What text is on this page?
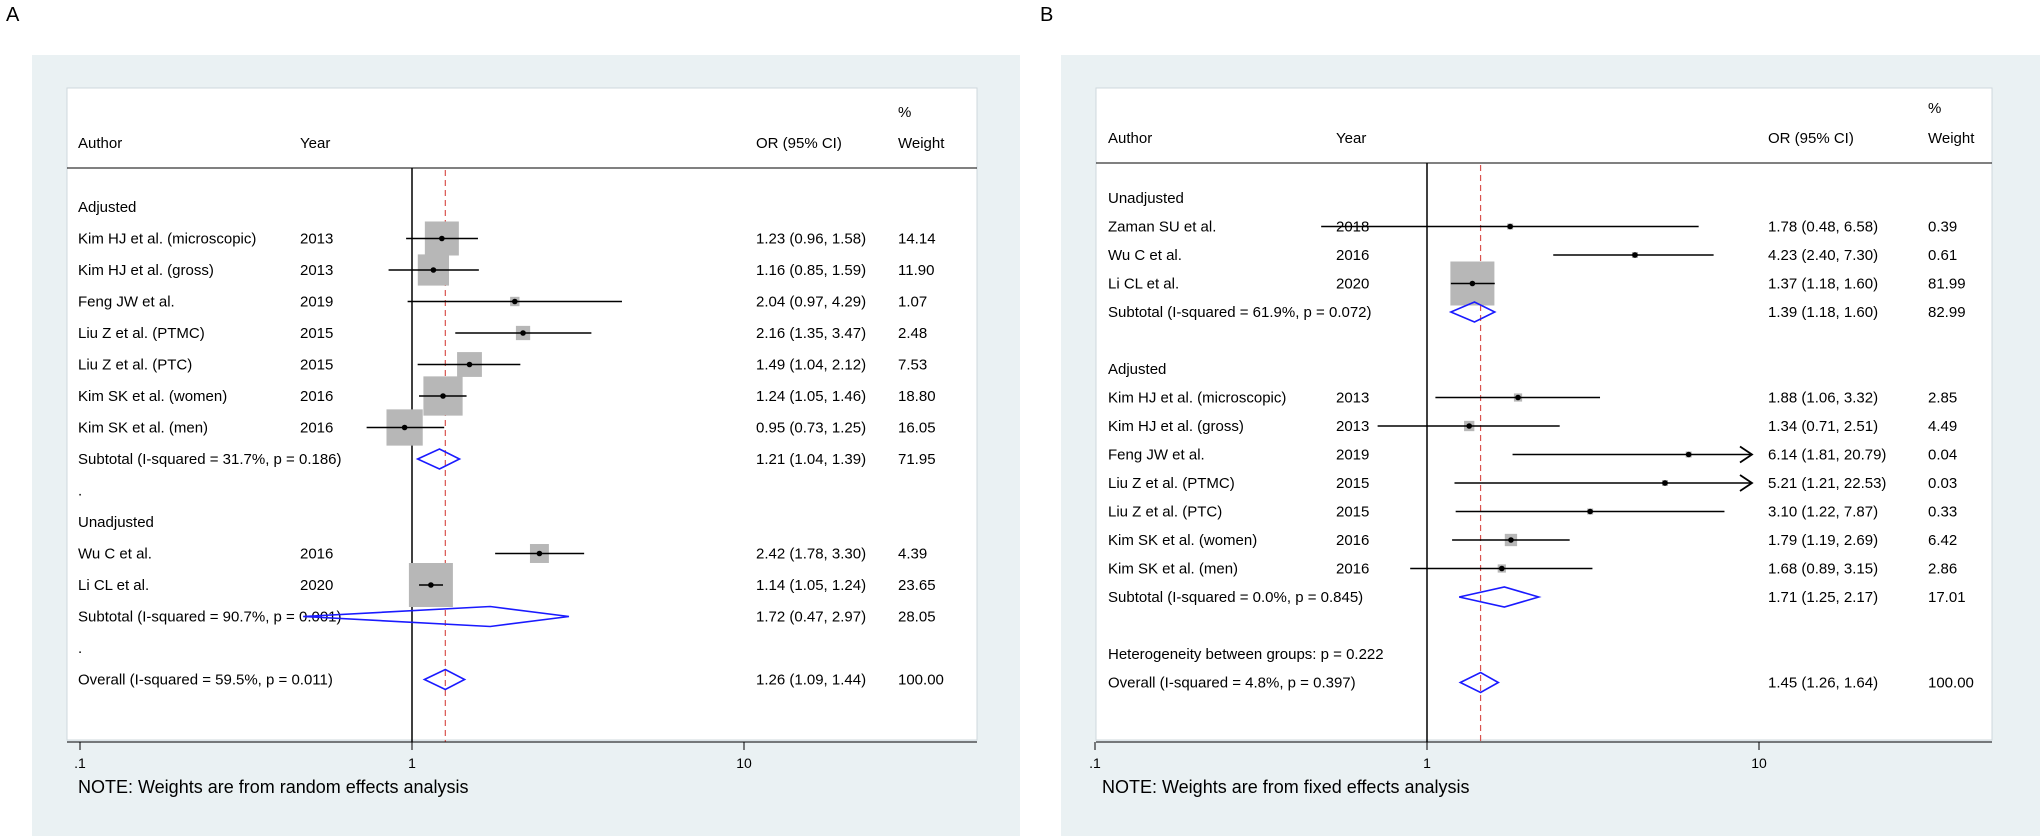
A	B
Author	Year	OR (95% CI)
%
Weight
.1	1	10
Adjusted
Kim HJ et al. (microscopic)	2013	1.23 (0.96, 1.58) 14.14
Kim HJ et al. (gross)	2013	1.16 (0.85, 1.59) 11.90
Feng JW et al.	2019	2.04 (0.97, 4.29) 1.07
Liu Z et al. (PTMC)	2015	2.16 (1.35, 3.47) 2.48
Liu Z et al. (PTC)	2015	1.49 (1.04, 2.12) 7.53
Kim SK et al. (women)	2016	1.24 (1.05, 1.46) 18.80
Kim SK et al. (men)	2016	0.95 (0.73, 1.25) 16.05
Subtotal (I-squared = 31.7%, p = 0.186)	1.21 (1.04, 1.39) 71.95
.
Unadjusted
Wu C et al.	2016	2.42 (1.78, 3.30) 4.39
Li CL et al.	2020	1.14 (1.05, 1.24) 23.65
Subtotal (I-squared = 90.7%, p = 0.001)	1.72 (0.47, 2.97) 28.05
.
Overall (I-squared = 59.5%, p = 0.011)	1.26 (1.09, 1.44) 100.00
NOTE: Weights are from random effects analysis
Author	Year	OR (95% CI)
%
Weight
.1	1	10
Unadjusted
Zaman SU et al.	2018	1.78 (0.48, 6.58)	0.39
Wu C et al.	2016	4.23 (2.40, 7.30)	0.61
Li CL et al.	2020	1.37 (1.18, 1.60)	81.99
Subtotal (I-squared = 61.9%, p = 0.072)	1.39 (1.18, 1.60)	82.99
Adjusted
Kim HJ et al. (microscopic)	2013	1.88 (1.06, 3.32)	2.85
Kim HJ et al. (gross)	2013	1.34 (0.71, 2.51)	4.49
Feng JW et al.	2019	6.14 (1.81, 20.79)	0.04
Liu Z et al. (PTMC)	2015	5.21 (1.21, 22.53)	0.03
Liu Z et al. (PTC)	2015	3.10 (1.22, 7.87)	0.33
Kim SK et al. (women)	2016	1.79 (1.19, 2.69)	6.42
Kim SK et al. (men)	2016	1.68 (0.89, 3.15)	2.86
Subtotal (I-squared = 0.0%, p = 0.845)	1.71 (1.25, 2.17)	17.01
Heterogeneity between groups: p = 0.222
Overall (I-squared = 4.8%, p = 0.397)	1.45 (1.26, 1.64)	100.00
NOTE: Weights are from fixed effects analysis
